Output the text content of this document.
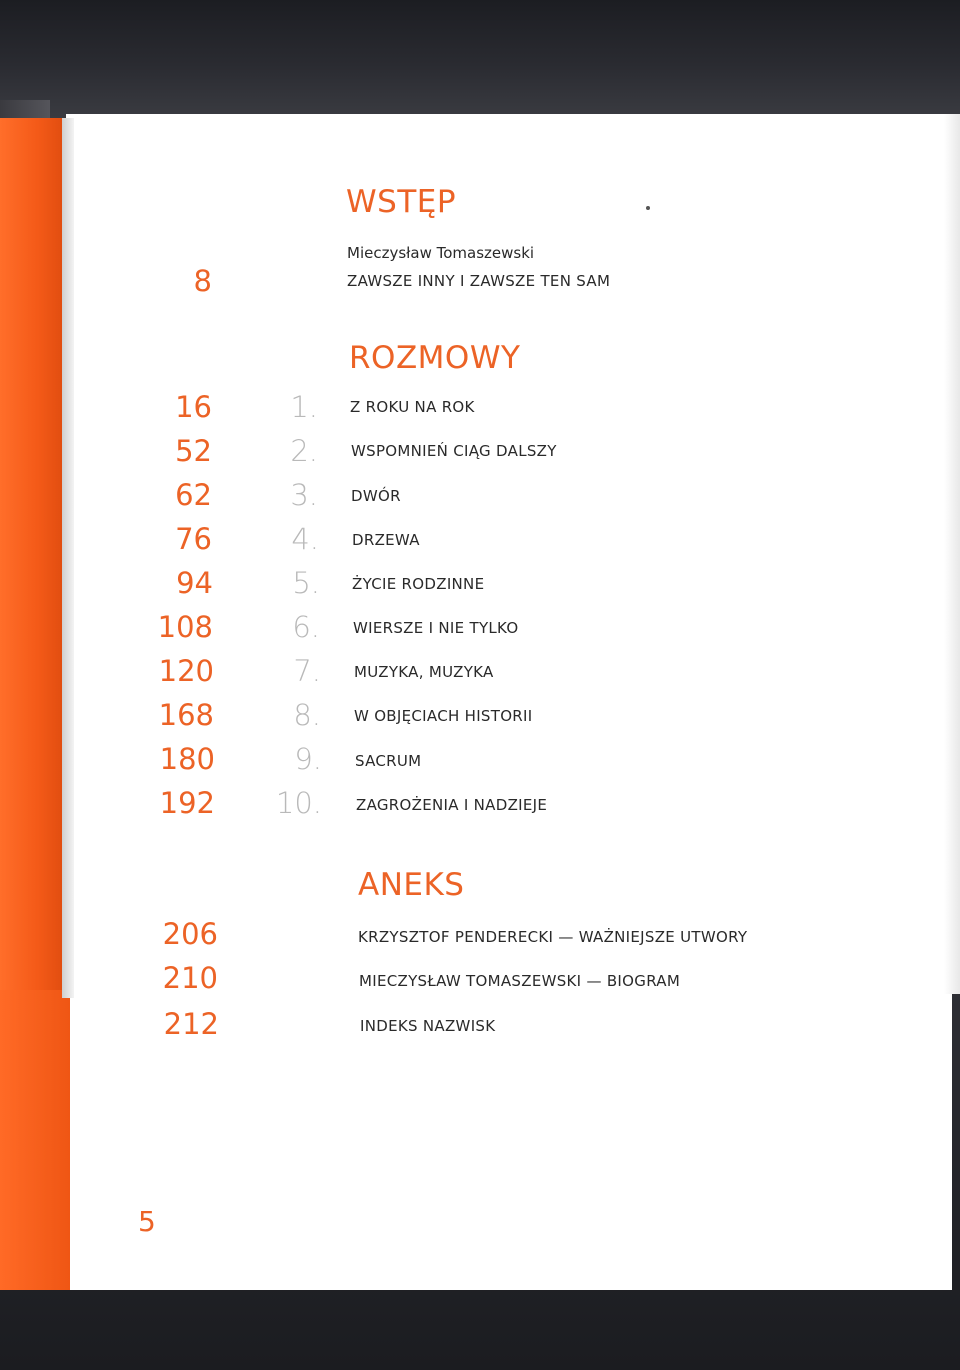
WSTĘP
Mieczysław Tomaszewski
8	ZAWSZE INNY I ZAWSZE TEN SAM
ROZMOWY
16	1. Z ROKU NA ROK
52	2. WSPOMNIEŃ CIĄG DALSZY
62	3. DWÓR
76	4. DRZEWA
94	5. ŻYCIE RODZINNE
108	6. WIERSZE I NIE TYLKO
120	7. MUZYKA, MUZYKA
168	8. W OBJĘCIACH HISTORII
180	9. SACRUM
192	10. ZAGROŻENIA I NADZIEJE
ANEKS
206	KRZYSZTOF PENDERECKI — WAŻNIEJSZE UTWORY
210	MIECZYSŁAW TOMASZEWSKI — BIOGRAM
212	INDEKS NAZWISK
5
